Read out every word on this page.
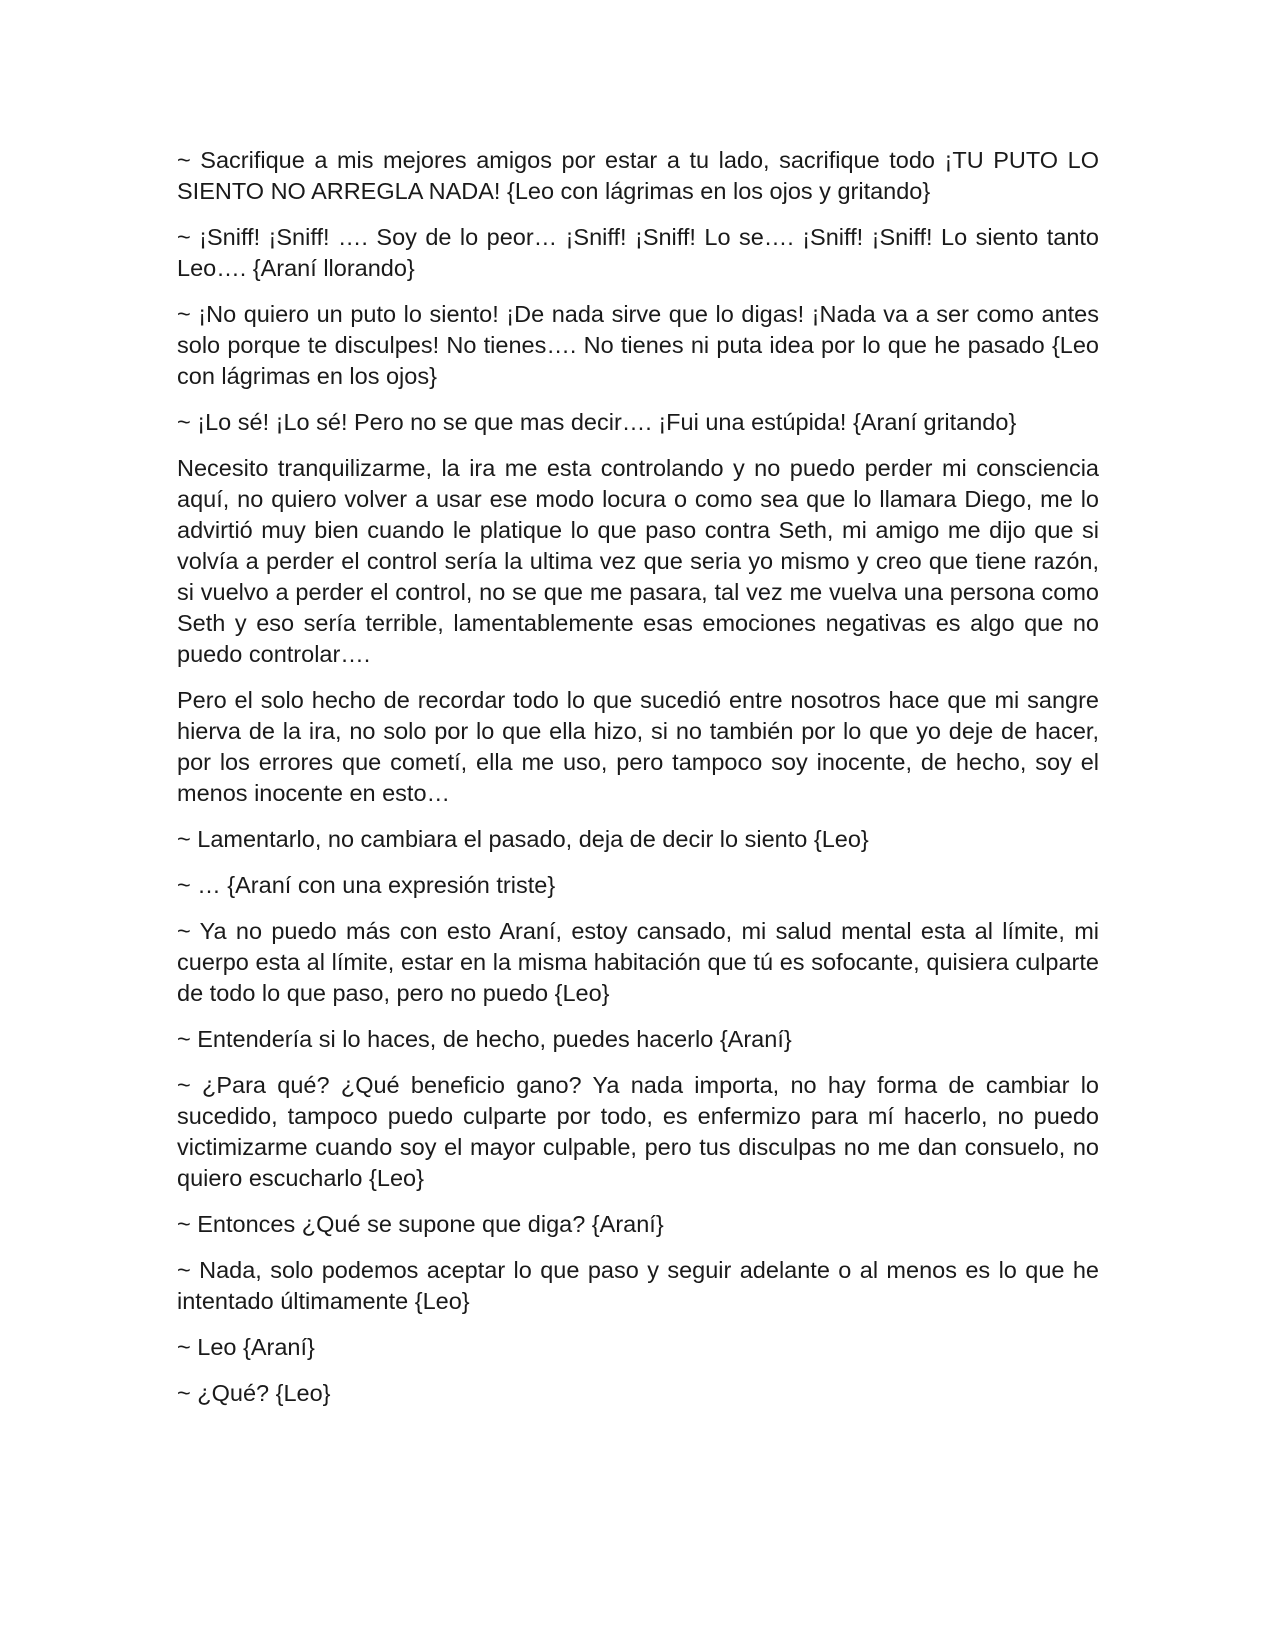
~ Sacrifique a mis mejores amigos por estar a tu lado, sacrifique todo ¡TU PUTO LO SIENTO NO ARREGLA NADA! {Leo con lágrimas en los ojos y gritando}

~ ¡Sniff! ¡Sniff! …. Soy de lo peor… ¡Sniff! ¡Sniff! Lo se…. ¡Sniff! ¡Sniff! Lo siento tanto Leo…. {Araní llorando}

~ ¡No quiero un puto lo siento! ¡De nada sirve que lo digas! ¡Nada va a ser como antes solo porque te disculpes! No tienes…. No tienes ni puta idea por lo que he pasado {Leo con lágrimas en los ojos}

~ ¡Lo sé! ¡Lo sé! Pero no se que mas decir…. ¡Fui una estúpida! {Araní gritando}

Necesito tranquilizarme, la ira me esta controlando y no puedo perder mi consciencia aquí, no quiero volver a usar ese modo locura o como sea que lo llamara Diego, me lo advirtió muy bien cuando le platique lo que paso contra Seth, mi amigo me dijo que si volvía a perder el control sería la ultima vez que seria yo mismo y creo que tiene razón, si vuelvo a perder el control, no se que me pasara, tal vez me vuelva una persona como Seth y eso sería terrible, lamentablemente esas emociones negativas es algo que no puedo controlar….

Pero el solo hecho de recordar todo lo que sucedió entre nosotros hace que mi sangre hierva de la ira, no solo por lo que ella hizo, si no también por lo que yo deje de hacer, por los errores que cometí, ella me uso, pero tampoco soy inocente, de hecho, soy el menos inocente en esto…

~ Lamentarlo, no cambiara el pasado, deja de decir lo siento {Leo}

~ … {Araní con una expresión triste}

~ Ya no puedo más con esto Araní, estoy cansado, mi salud mental esta al límite, mi cuerpo esta al límite, estar en la misma habitación que tú es sofocante, quisiera culparte de todo lo que paso, pero no puedo {Leo}

~ Entendería si lo haces, de hecho, puedes hacerlo {Araní}

~ ¿Para qué? ¿Qué beneficio gano? Ya nada importa, no hay forma de cambiar lo sucedido, tampoco puedo culparte por todo, es enfermizo para mí hacerlo, no puedo victimizarme cuando soy el mayor culpable, pero tus disculpas no me dan consuelo, no quiero escucharlo {Leo}

~ Entonces ¿Qué se supone que diga? {Araní}

~ Nada, solo podemos aceptar lo que paso y seguir adelante o al menos es lo que he intentado últimamente {Leo}

~ Leo {Araní}

~ ¿Qué? {Leo}
